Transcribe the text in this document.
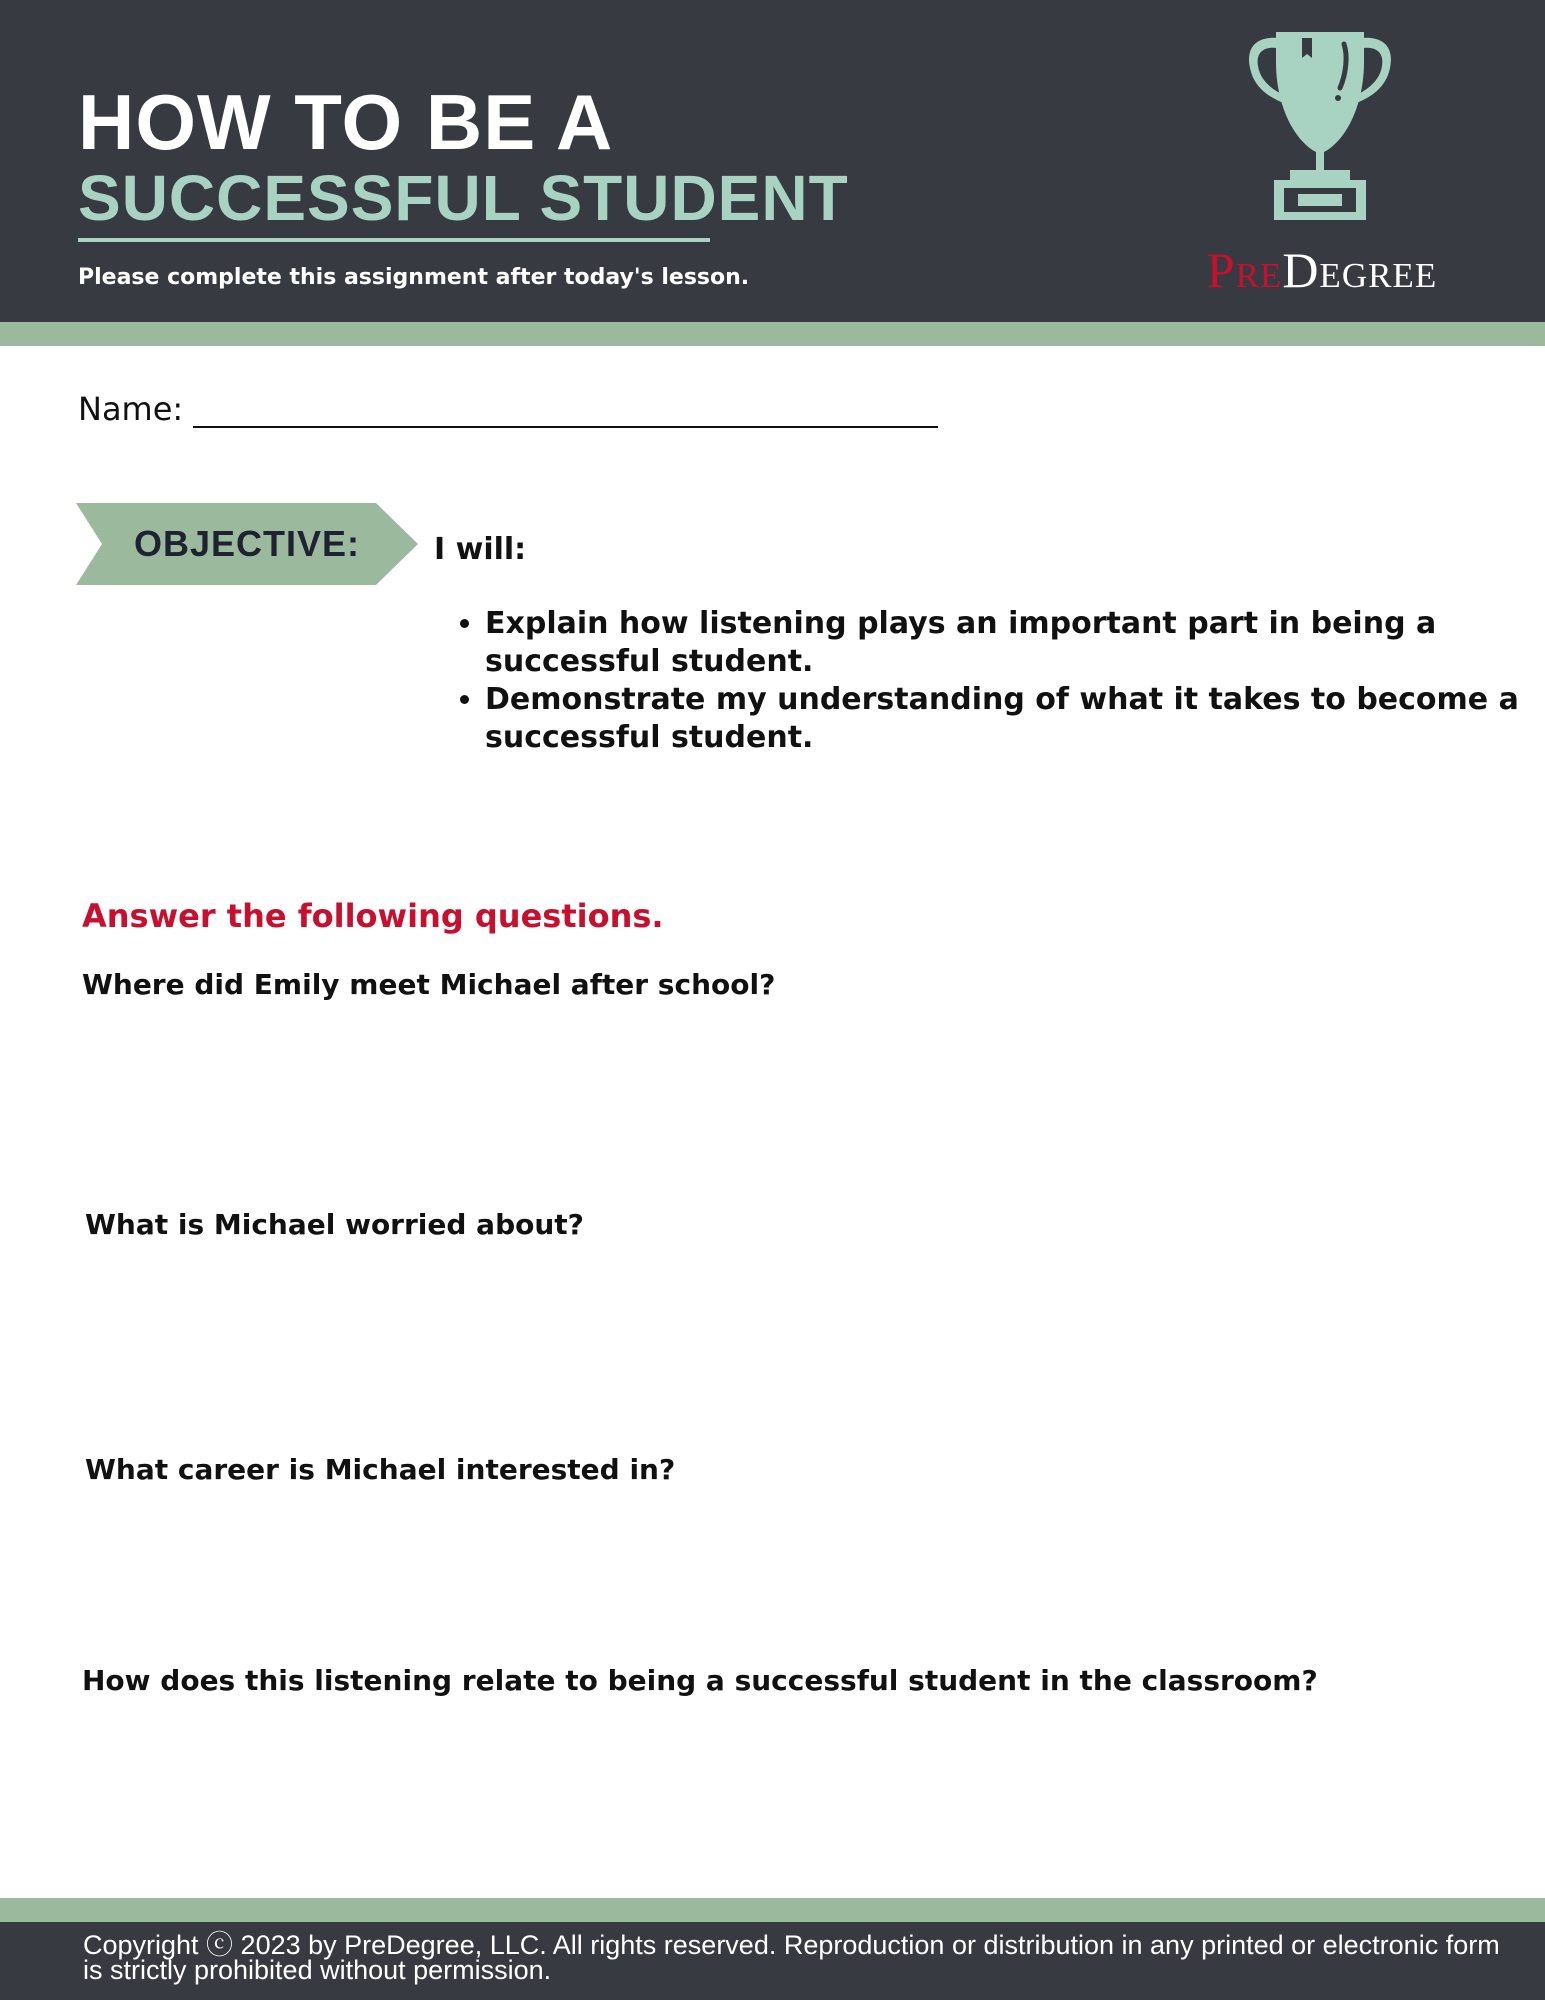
HOW TO BE A
SUCCESSFUL STUDENT

Please complete this assignment after today's lesson.	PreDegree
Name:
OBJECTIVE:	I will:
• Explain how listening plays an important part in being a successful student.
• Demonstrate my understanding of what it takes to become a successful student.
Answer the following questions.
Where did Emily meet Michael after school?
What is Michael worried about?
What career is Michael interested in?
How does this listening relate to being a successful student in the classroom?
Copyright ⓒ 2023 by PreDegree, LLC. All rights reserved. Reproduction or distribution in any printed or electronic form is strictly prohibited without permission.
